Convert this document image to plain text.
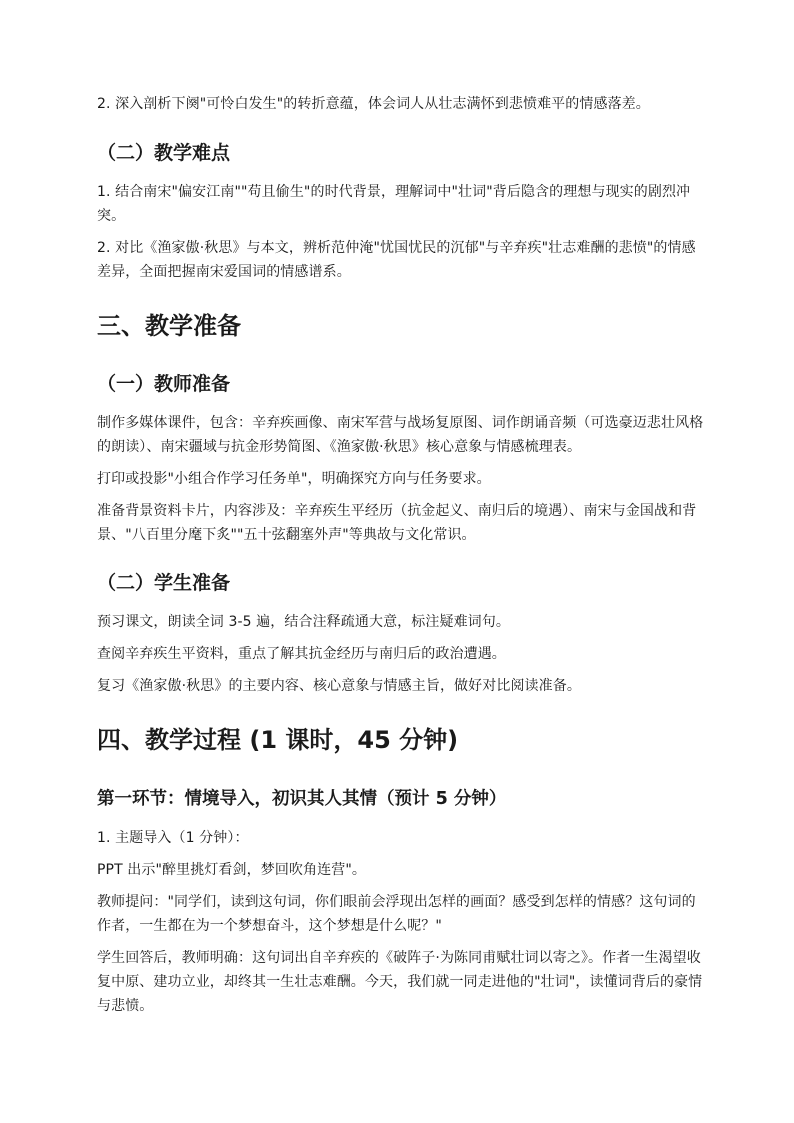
2. 深入剖析下阕"可怜白发生"的转折意蕴，体会词人从壮志满怀到悲愤难平的情感落差。

（二）教学难点

1. 结合南宋"偏安江南""苟且偷生"的时代背景，理解词中"壮词"背后隐含的理想与现实的剧烈冲突。

2. 对比《渔家傲·秋思》与本文，辨析范仲淹"忧国忧民的沉郁"与辛弃疾"壮志难酬的悲愤"的情感差异，全面把握南宋爱国词的情感谱系。

三、教学准备
（一）教师准备

制作多媒体课件，包含：辛弃疾画像、南宋军营与战场复原图、词作朗诵音频（可选豪迈悲壮风格的朗读）、南宋疆域与抗金形势简图、《渔家傲·秋思》核心意象与情感梳理表。

打印或投影"小组合作学习任务单"，明确探究方向与任务要求。

准备背景资料卡片，内容涉及：辛弃疾生平经历（抗金起义、南归后的境遇）、南宋与金国战和背景、"八百里分麾下炙""五十弦翻塞外声"等典故与文化常识。

（二）学生准备

预习课文，朗读全词 3-5 遍，结合注释疏通大意，标注疑难词句。

查阅辛弃疾生平资料，重点了解其抗金经历与南归后的政治遭遇。

复习《渔家傲·秋思》的主要内容、核心意象与情感主旨，做好对比阅读准备。

四、教学过程 (1 课时，45 分钟)
第一环节：情境导入，初识其人其情（预计 5 分钟）

1. 主题导入（1 分钟）：

PPT 出示"醉里挑灯看剑，梦回吹角连营"。

教师提问："同学们，读到这句词，你们眼前会浮现出怎样的画面？感受到怎样的情感？这句词的作者，一生都在为一个梦想奋斗，这个梦想是什么呢？"

学生回答后，教师明确：这句词出自辛弃疾的《破阵子·为陈同甫赋壮词以寄之》。作者一生渴望收复中原、建功立业，却终其一生壮志难酬。今天，我们就一同走进他的"壮词"，读懂词背后的豪情与悲愤。
